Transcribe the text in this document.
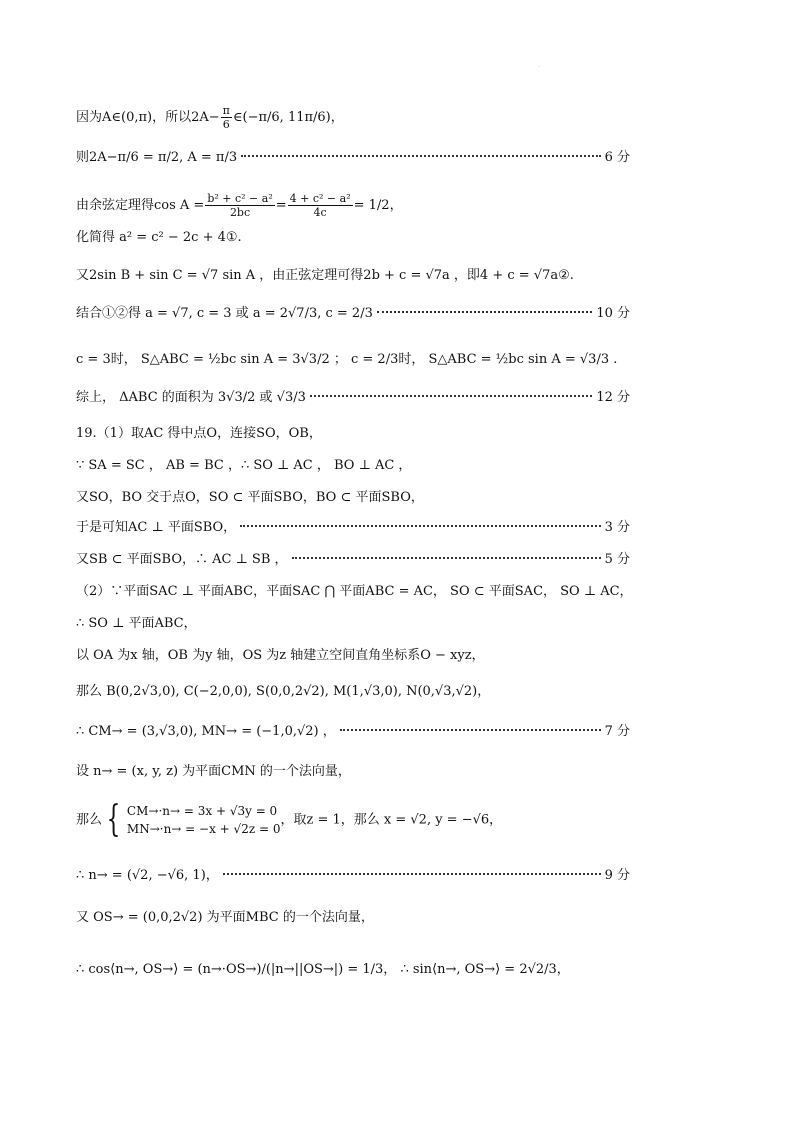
·
因为A∈(0,π)，所以$2A- \frac{\pi}{6}$ ∈(−π/6, 11π/6)，
则2A−π/6 = π/2, A = π/3	6 分
由余弦定理得$\cos A = \frac{\text{b² + c² − a²}}{2bc} = \frac{\text{4 + c² − a²}}{4c} = 1/2$，
化简得 a² = c² − 2c + 4①.
又2sin B + sin C = √7 sin A ，由正弦定理可得2b + c = √7a ，即4 + c = √7a②.
结合①②得 a = √7, c = 3 或 a = 2√7/3, c = 2/3	10 分
c = 3时， S△ABC = ½bc sin A = 3√3/2 ； c = 2/3时， S△ABC = ½bc sin A = √3/3 .
综上， ΔABC 的面积为 3√3/2 或 √3/3	12 分
19.（1）取AC 得中点O，连接SO，OB，
∵ SA = SC ， AB = BC ，∴ SO ⊥ AC ， BO ⊥ AC ，
又SO，BO 交于点O，SO ⊂ 平面SBO，BO ⊂ 平面SBO，
于是可知AC ⊥ 平面SBO，	3 分
又SB ⊂ 平面SBO，∴ AC ⊥ SB ，	5 分
（2）∵平面SAC ⊥ 平面ABC，平面SAC ⋂ 平面ABC = AC， SO ⊂ 平面SAC， SO ⊥ AC，
∴ SO ⊥ 平面ABC，
以 OA 为x 轴，OB 为y 轴，OS 为z 轴建立空间直角坐标系O − xyz，
那么 B(0,2√3,0), C(−2,0,0), S(0,0,2√2), M(1,√3,0), N(0,√3,√2)，
∴ CM→ = (3,√3,0), MN→ = (−1,0,√2) ，	7 分
设 n→ = (x, y, z) 为平面CMN 的一个法向量，
那么 { CM→·n→ = 3x + √3y = 0
MN→·n→ = −x + √2z = 0
，取z = 1，那么 x = √2, y = −√6，
∴ n→ = (√2, −√6, 1)，	9 分
又 OS→ = (0,0,2√2) 为平面MBC 的一个法向量，
∴ cos⟨n→, OS→⟩ = (n→·OS→)/(|n→||OS→|) = 1/3， ∴ sin⟨n→, OS→⟩ = 2√2/3，
